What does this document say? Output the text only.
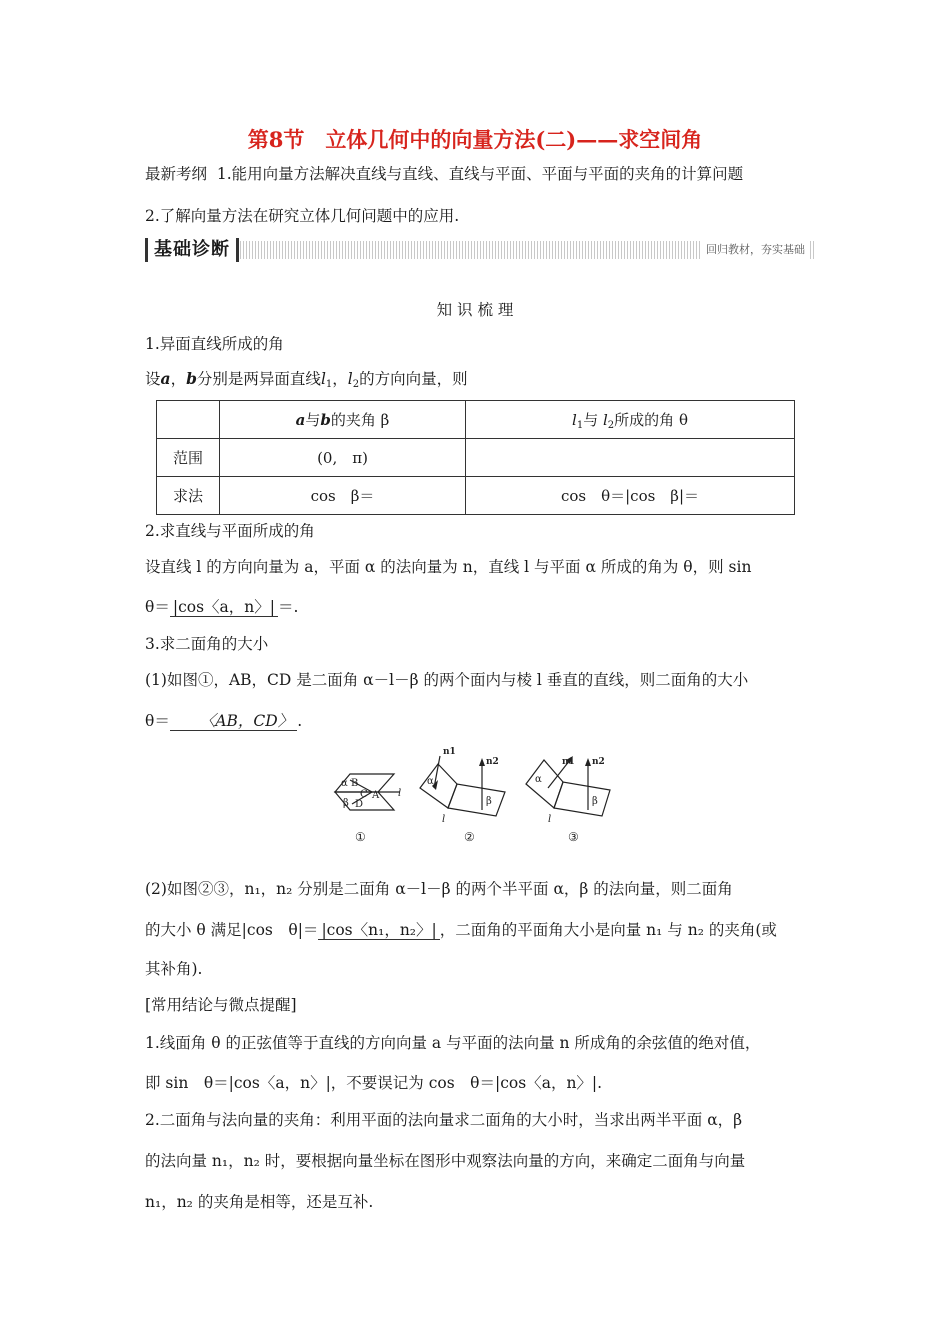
第8节　立体几何中的向量方法(二)——求空间角
最新考纲 1.能用向量方法解决直线与直线、直线与平面、平面与平面的夹角的计算问题
2.了解向量方法在研究立体几何问题中的应用.
基础诊断	回归教材，夯实基础
知 识 梳 理
1.异面直线所成的角
设a，b分别是两异面直线$l_1$，$l_2$的方向向量，则
	a与b的夹角 β	$l_1$与 $l_2$所成的角 θ
范围	(0,　π)	
求法	cos　β＝	cos　θ＝|cos　β|＝
2.求直线与平面所成的角
设直线 l 的方向向量为 a，平面 α 的法向量为 n，直线 l 与平面 α 所成的角为 θ，则 sin
θ＝ |cos〈a，n〉| ＝.
3.求二面角的大小
(1)如图①，AB，CD 是二面角 α－l－β 的两个面内与棱 l 垂直的直线，则二面角的大小
θ＝ 〈AB，CD〉 .
α B
C A
β D
l
①
α
β
n1
n2
l
②
α
β
n1 n2
l
③
(2)如图②③，n₁，n₂ 分别是二面角 α－l－β 的两个半平面 α，β 的法向量，则二面角
的大小 θ 满足|cos　θ|＝ |cos〈n₁，n₂〉| ，二面角的平面角大小是向量 n₁ 与 n₂ 的夹角(或
其补角).
[常用结论与微点提醒]
1.线面角 θ 的正弦值等于直线的方向向量 a 与平面的法向量 n 所成角的余弦值的绝对值，
即 sin　θ＝|cos〈a，n〉|，不要误记为 cos　θ＝|cos〈a，n〉|.
2.二面角与法向量的夹角：利用平面的法向量求二面角的大小时，当求出两半平面 α，β
的法向量 n₁，n₂ 时，要根据向量坐标在图形中观察法向量的方向，来确定二面角与向量
n₁，n₂ 的夹角是相等，还是互补.
